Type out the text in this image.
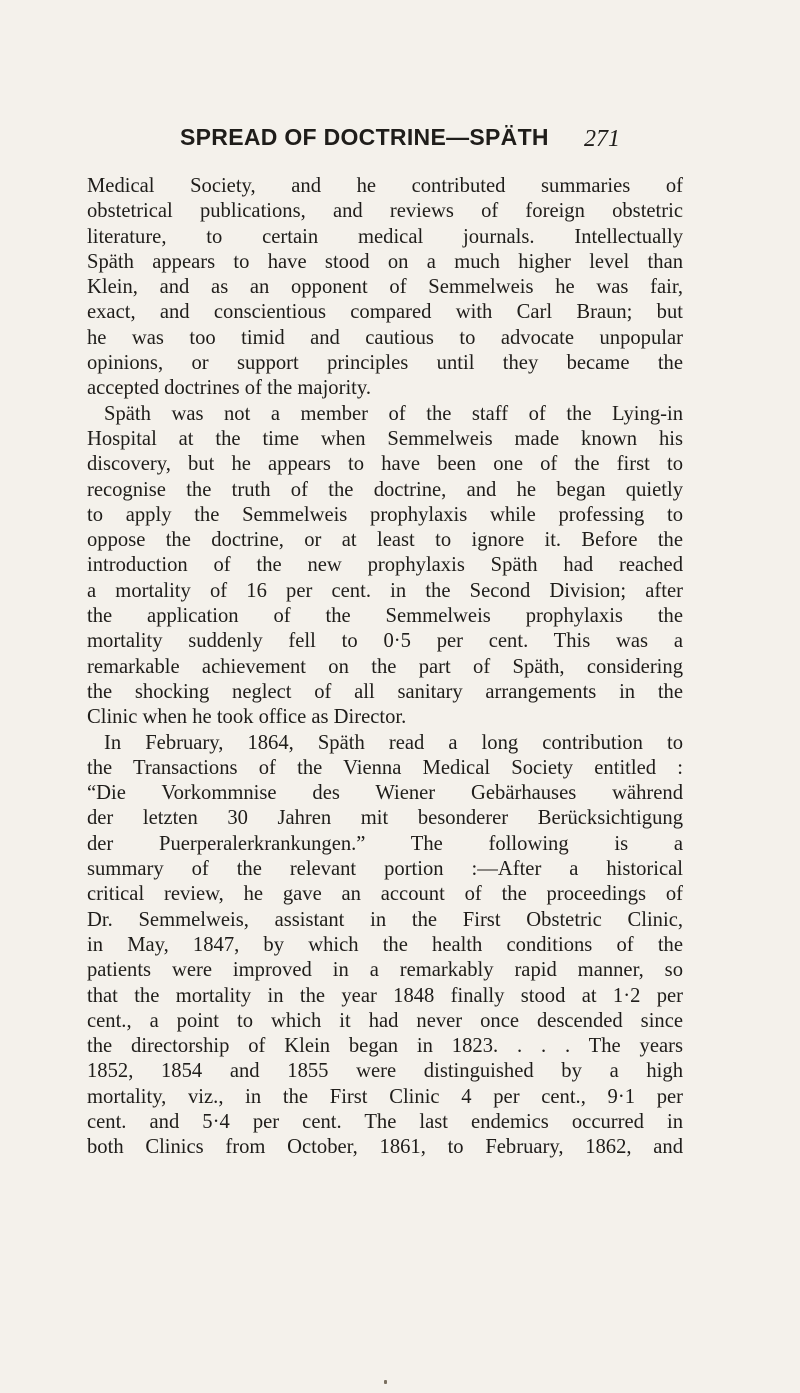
SPREAD OF DOCTRINE—SPÄTH 271
Medical Society, and he contributed summaries of
obstetrical publications, and reviews of foreign obstetric
literature, to certain medical journals. Intellectually
Späth appears to have stood on a much higher level than
Klein, and as an opponent of Semmelweis he was fair,
exact, and conscientious compared with Carl Braun; but
he was too timid and cautious to advocate unpopular
opinions, or support principles until they became the
accepted doctrines of the majority.
Späth was not a member of the staff of the Lying-in
Hospital at the time when Semmelweis made known his
discovery, but he appears to have been one of the first to
recognise the truth of the doctrine, and he began quietly
to apply the Semmelweis prophylaxis while professing to
oppose the doctrine, or at least to ignore it. Before the
introduction of the new prophylaxis Späth had reached
a mortality of 16 per cent. in the Second Division; after
the application of the Semmelweis prophylaxis the
mortality suddenly fell to 0·5 per cent. This was a
remarkable achievement on the part of Späth, considering
the shocking neglect of all sanitary arrangements in the
Clinic when he took office as Director.
In February, 1864, Späth read a long contribution to
the Transactions of the Vienna Medical Society entitled :
“Die Vorkommnise des Wiener Gebärhauses während
der letzten 30 Jahren mit besonderer Berücksichtigung
der Puerperalerkrankungen.” The following is a
summary of the relevant portion :—After a historical
critical review, he gave an account of the proceedings of
Dr. Semmelweis, assistant in the First Obstetric Clinic,
in May, 1847, by which the health conditions of the
patients were improved in a remarkably rapid manner, so
that the mortality in the year 1848 finally stood at 1·2 per
cent., a point to which it had never once descended since
the directorship of Klein began in 1823. . . . The years
1852, 1854 and 1855 were distinguished by a high
mortality, viz., in the First Clinic 4 per cent., 9·1 per
cent. and 5·4 per cent. The last endemics occurred in
both Clinics from October, 1861, to February, 1862, and
